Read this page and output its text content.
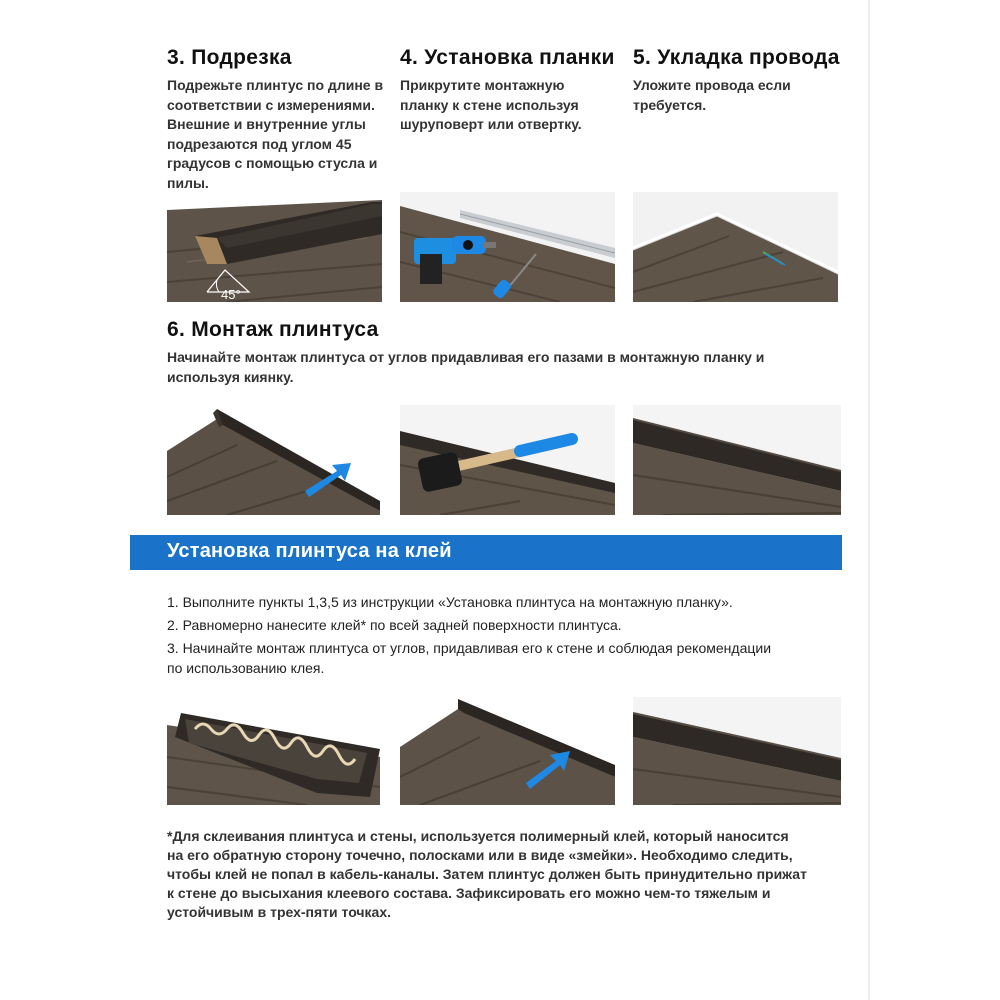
3. Подрезка

Подрежьте плинтус по длине в
соответствии с измерениями.
Внешние и внутренние углы
подрезаются под углом 45
градусов с помощью стусла и
пилы.

4. Установка планки

Прикрутите монтажную
планку к стене используя
шуруповерт или отвертку.

5. Укладка провода

Уложите провода если
требуется.

45°
6. Монтаж плинтуса

Начинайте монтаж плинтуса от углов придавливая его пазами в монтажную планку и
используя киянку.

Установка плинтуса на клей

1. Выполните пункты 1,3,5 из инструкции «Установка плинтуса на монтажную планку».

2. Равномерно нанесите клей* по всей задней поверхности плинтуса.

3. Начинайте монтаж плинтуса от углов, придавливая его к стене и соблюдая рекомендации

по использованию клея.

*Для склеивания плинтуса и стены, используется полимерный клей, который наносится

на его обратную сторону точечно, полосками или в виде «змейки». Необходимо следить,

чтобы клей не попал в кабель-каналы. Затем плинтус должен быть принудительно прижат

к стене до высыхания клеевого состава. Зафиксировать его можно чем-то тяжелым и

устойчивым в трех-пяти точках.
